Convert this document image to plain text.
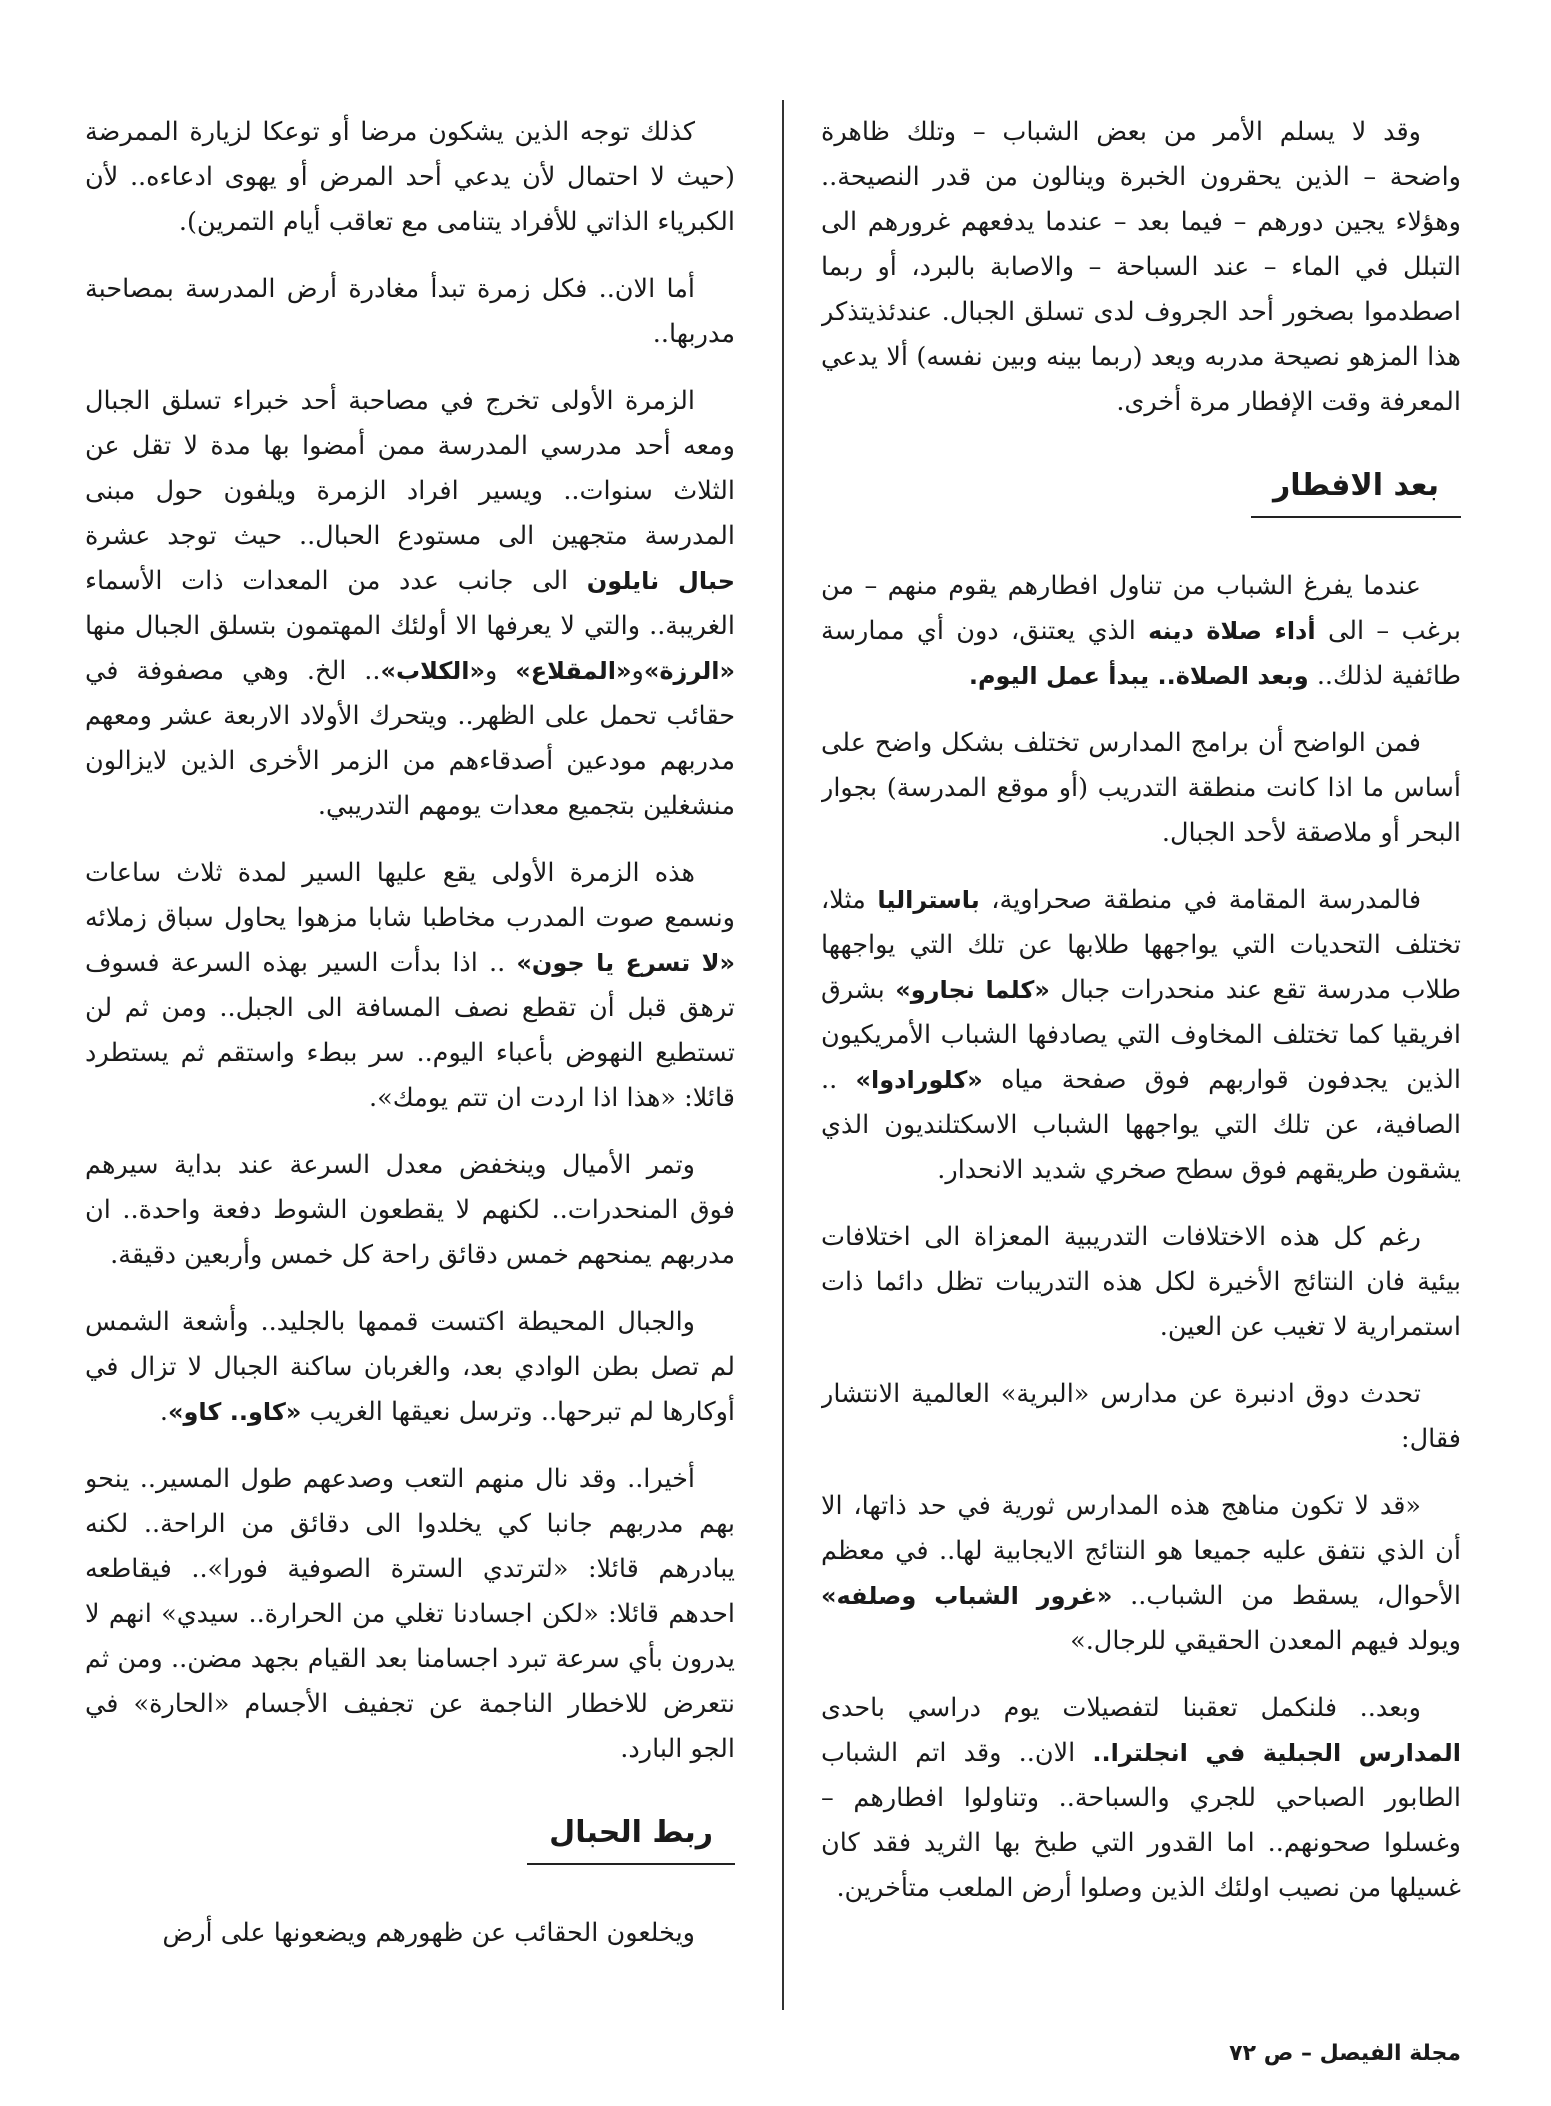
وقد لا يسلم الأمر من بعض الشباب – وتلك ظاهرة واضحة – الذين يحقرون الخبرة وينالون من قدر النصيحة.. وهؤلاء يجين دورهم – فيما بعد – عندما يدفعهم غرورهم الى التبلل في الماء – عند السباحة – والاصابة بالبرد، أو ربما اصطدموا بصخور أحد الجروف لدى تسلق الجبال. عندئذيتذكر هذا المزهو نصيحة مدربه ويعد (ربما بينه وبين نفسه) ألا يدعي المعرفة وقت الإفطار مرة أخرى.

بعد الافطار

عندما يفرغ الشباب من تناول افطارهم يقوم منهم – من برغب – الى أداء صلاة دينه الذي يعتنق، دون أي ممارسة طائفية لذلك.. وبعد الصلاة.. يبدأ عمل اليوم.

فمن الواضح أن برامج المدارس تختلف بشكل واضح على أساس ما اذا كانت منطقة التدريب (أو موقع المدرسة) بجوار البحر أو ملاصقة لأحد الجبال.

فالمدرسة المقامة في منطقة صحراوية، باستراليا مثلا، تختلف التحديات التي يواجهها طلابها عن تلك التي يواجهها طلاب مدرسة تقع عند منحدرات جبال «كلما نجارو» بشرق افريقيا كما تختلف المخاوف التي يصادفها الشباب الأمريكيون الذين يجدفون قواربهم فوق صفحة مياه «كلورادوا» .. الصافية، عن تلك التي يواجهها الشباب الاسكتلنديون الذي يشقون طريقهم فوق سطح صخري شديد الانحدار.

رغم كل هذه الاختلافات التدريبية المعزاة الى اختلافات بيئية فان النتائج الأخيرة لكل هذه التدريبات تظل دائما ذات استمرارية لا تغيب عن العين.

تحدث دوق ادنبرة عن مدارس «البرية» العالمية الانتشار فقال:

«قد لا تكون مناهج هذه المدارس ثورية في حد ذاتها، الا أن الذي نتفق عليه جميعا هو النتائج الايجابية لها.. في معظم الأحوال، يسقط من الشباب.. «غرور الشباب وصلفه» ويولد فيهم المعدن الحقيقي للرجال.»

وبعد.. فلنكمل تعقبنا لتفصيلات يوم دراسي باحدى المدارس الجبلية في انجلترا.. الان.. وقد اتم الشباب الطابور الصباحي للجري والسباحة.. وتناولوا افطارهم – وغسلوا صحونهم.. اما القدور التي طبخ بها الثريد فقد كان غسيلها من نصيب اولئك الذين وصلوا أرض الملعب متأخرين.

كذلك توجه الذين يشكون مرضا أو توعكا لزيارة الممرضة (حيث لا احتمال لأن يدعي أحد المرض أو يهوى ادعاءه.. لأن الكبرياء الذاتي للأفراد يتنامى مع تعاقب أيام التمرين).

أما الان.. فكل زمرة تبدأ مغادرة أرض المدرسة بمصاحبة مدربها..

الزمرة الأولى تخرج في مصاحبة أحد خبراء تسلق الجبال ومعه أحد مدرسي المدرسة ممن أمضوا بها مدة لا تقل عن الثلاث سنوات.. ويسير افراد الزمرة ويلفون حول مبنى المدرسة متجهين الى مستودع الحبال.. حيث توجد عشرة حبال نايلون الى جانب عدد من المعدات ذات الأسماء الغريبة.. والتي لا يعرفها الا أولئك المهتمون بتسلق الجبال منها «الرزة»و«المقلاع» و«الكلاب».. الخ. وهي مصفوفة في حقائب تحمل على الظهر.. ويتحرك الأولاد الاربعة عشر ومعهم مدربهم مودعين أصدقاءهم من الزمر الأخرى الذين لايزالون منشغلين بتجميع معدات يومهم التدريبي.

هذه الزمرة الأولى يقع عليها السير لمدة ثلاث ساعات ونسمع صوت المدرب مخاطبا شابا مزهوا يحاول سباق زملائه «لا تسرع يا جون» .. اذا بدأت السير بهذه السرعة فسوف ترهق قبل أن تقطع نصف المسافة الى الجبل.. ومن ثم لن تستطيع النهوض بأعباء اليوم.. سر ببطء واستقم ثم يستطرد قائلا: «هذا اذا اردت ان تتم يومك».

وتمر الأميال وينخفض معدل السرعة عند بداية سيرهم فوق المنحدرات.. لكنهم لا يقطعون الشوط دفعة واحدة.. ان مدربهم يمنحهم خمس دقائق راحة كل خمس وأربعين دقيقة.

والجبال المحيطة اكتست قممها بالجليد.. وأشعة الشمس لم تصل بطن الوادي بعد، والغربان ساكنة الجبال لا تزال في أوكارها لم تبرحها.. وترسل نعيقها الغريب «كاو.. كاو».

أخيرا.. وقد نال منهم التعب وصدعهم طول المسير.. ينحو بهم مدربهم جانبا كي يخلدوا الى دقائق من الراحة.. لكنه يبادرهم قائلا: «لترتدي السترة الصوفية فورا».. فيقاطعه احدهم قائلا: «لكن اجسادنا تغلي من الحرارة.. سيدي» انهم لا يدرون بأي سرعة تبرد اجسامنا بعد القيام بجهد مضن.. ومن ثم نتعرض للاخطار الناجمة عن تجفيف الأجسام «الحارة» في الجو البارد.

ربط الحبال

ويخلعون الحقائب عن ظهورهم ويضعونها على أرض

مجلة الفيصل – ص ٧٢
